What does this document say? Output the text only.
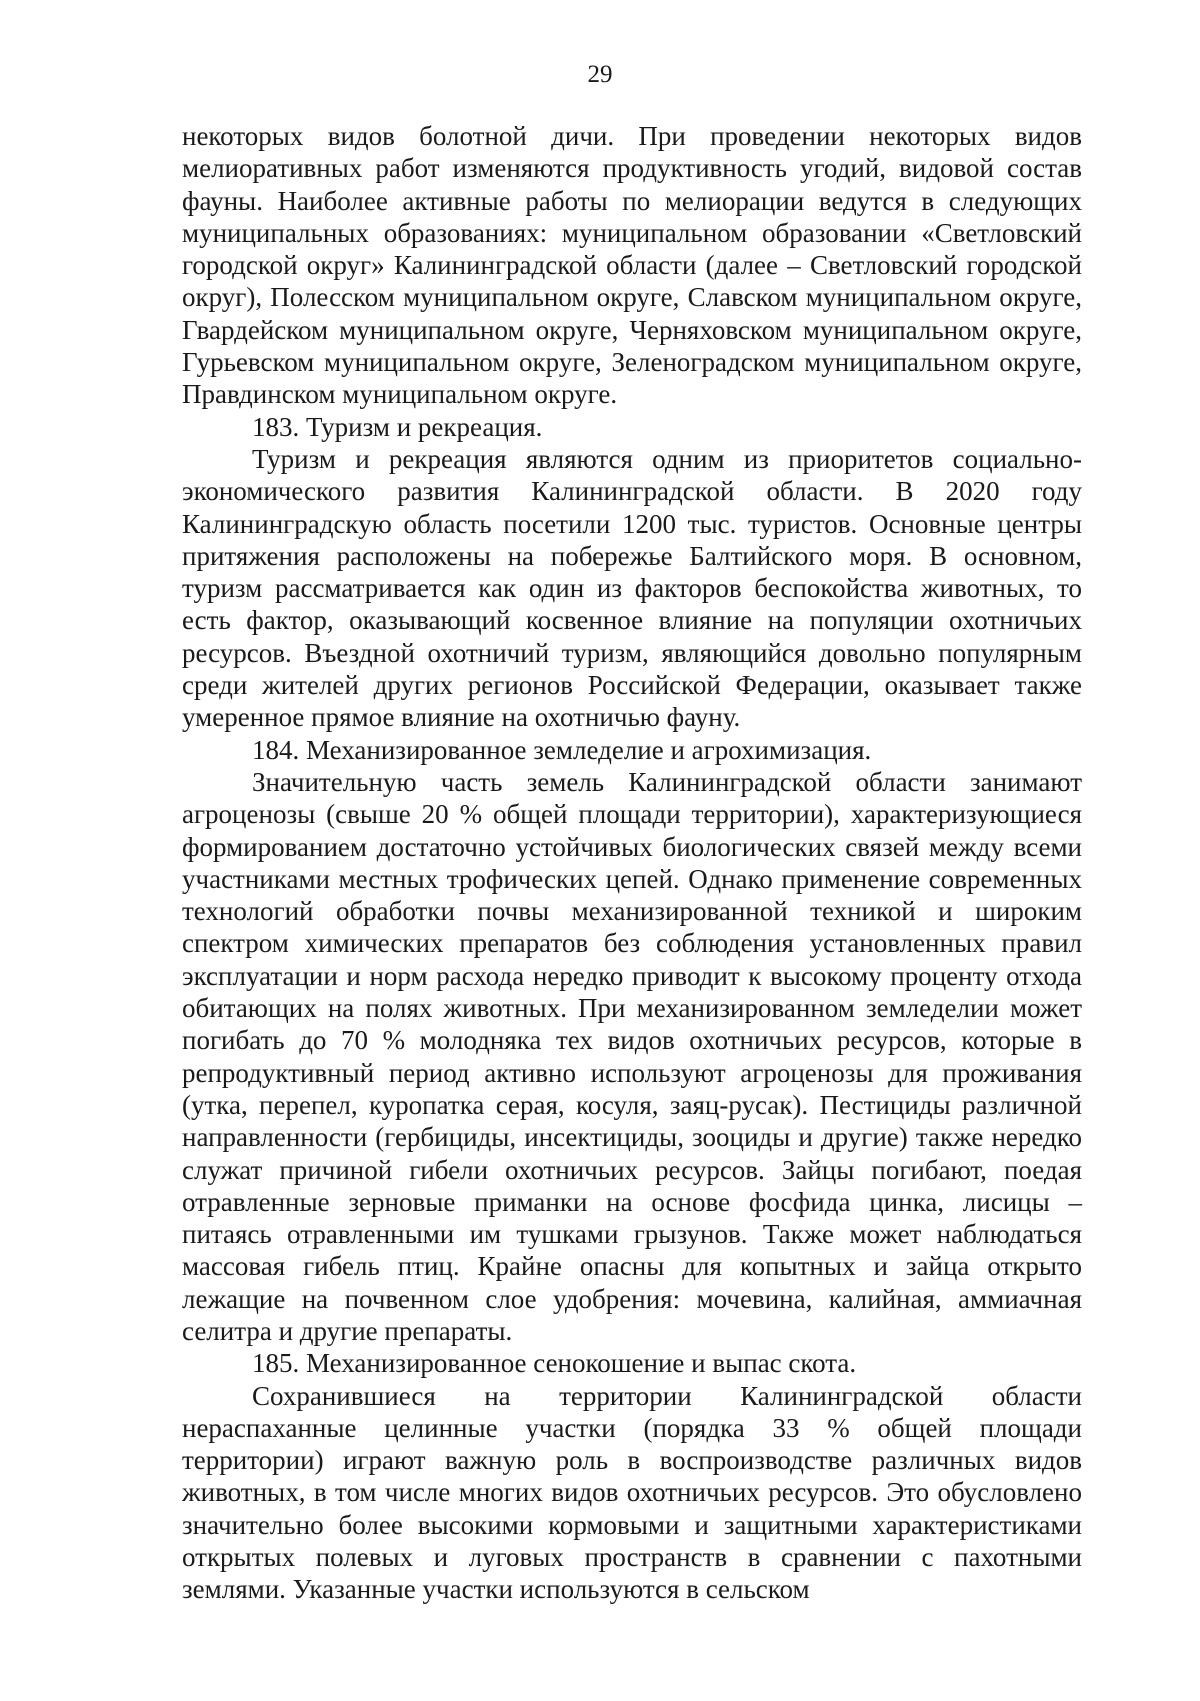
29

некоторых видов болотной дичи. При проведении некоторых видов мелиоративных работ изменяются продуктивность угодий, видовой состав фауны. Наиболее активные работы по мелиорации ведутся в следующих муниципальных образованиях: муниципальном образовании «Светловский городской округ» Калининградской области (далее – Светловский городской округ), Полесском муниципальном округе, Славском муниципальном округе, Гвардейском муниципальном округе, Черняховском муниципальном округе, Гурьевском муниципальном округе, Зеленоградском муниципальном округе, Правдинском муниципальном округе.

183. Туризм и рекреация.

Туризм и рекреация являются одним из приоритетов социально-экономического развития Калининградской области. В 2020 году Калининградскую область посетили 1200 тыс. туристов. Основные центры притяжения расположены на побережье Балтийского моря. В основном, туризм рассматривается как один из факторов беспокойства животных, то есть фактор, оказывающий косвенное влияние на популяции охотничьих ресурсов. Въездной охотничий туризм, являющийся довольно популярным среди жителей других регионов Российской Федерации, оказывает также умеренное прямое влияние на охотничью фауну.

184. Механизированное земледелие и агрохимизация.

Значительную часть земель Калининградской области занимают агроценозы (свыше 20 % общей площади территории), характеризующиеся формированием достаточно устойчивых биологических связей между всеми участниками местных трофических цепей. Однако применение современных технологий обработки почвы механизированной техникой и широким спектром химических препаратов без соблюдения установленных правил эксплуатации и норм расхода нередко приводит к высокому проценту отхода обитающих на полях животных. При механизированном земледелии может погибать до 70 % молодняка тех видов охотничьих ресурсов, которые в репродуктивный период активно используют агроценозы для проживания (утка, перепел, куропатка серая, косуля, заяц-русак). Пестициды различной направленности (гербициды, инсектициды, зооциды и другие) также нередко служат причиной гибели охотничьих ресурсов. Зайцы погибают, поедая отравленные зерновые приманки на основе фосфида цинка, лисицы – питаясь отравленными им тушками грызунов. Также может наблюдаться массовая гибель птиц. Крайне опасны для копытных и зайца открыто лежащие на почвенном слое удобрения: мочевина, калийная, аммиачная селитра и другие препараты.

185. Механизированное сенокошение и выпас скота.

Сохранившиеся на территории Калининградской области нераспаханные целинные участки (порядка 33 % общей площади территории) играют важную роль в воспроизводстве различных видов животных, в том числе многих видов охотничьих ресурсов. Это обусловлено значительно более высокими кормовыми и защитными характеристиками открытых полевых и луговых пространств в сравнении с пахотными землями. Указанные участки используются в сельском
